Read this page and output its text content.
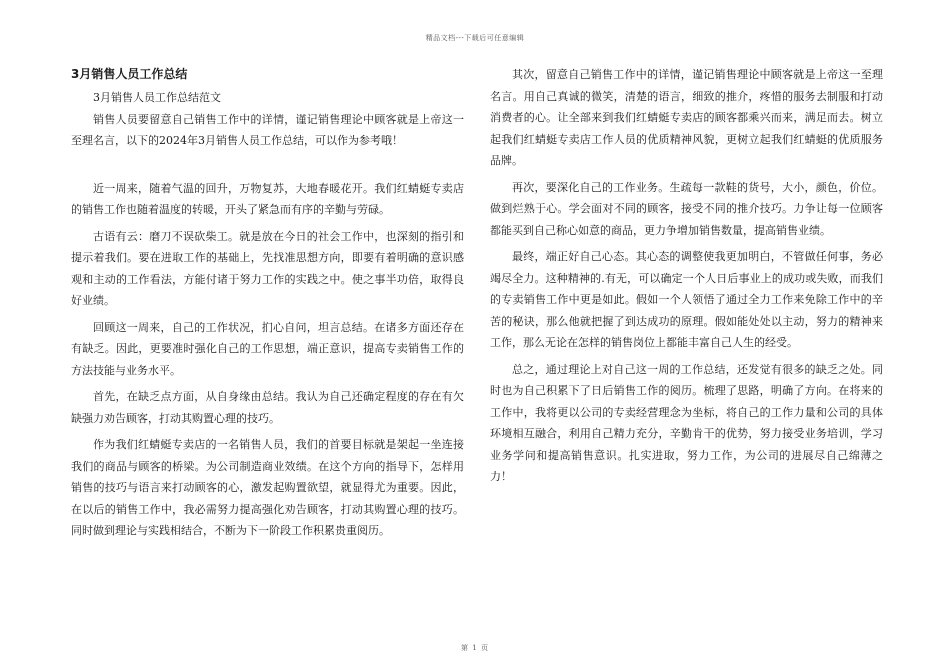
精品文档---下载后可任意编辑
3月销售人员工作总结

3月销售人员工作总结范文

销售人员要留意自己销售工作中的详情，谨记销售理论中顾客就是上帝这一至理名言，以下的2024年3月销售人员工作总结，可以作为参考哦！

近一周来，随着气温的回升，万物复苏，大地春暖花开。我们红蜻蜓专卖店的销售工作也随着温度的转暖，开头了紧急而有序的辛勤与劳碌。

古语有云：磨刀不误砍柴工。就是放在今日的社会工作中，也深刻的指引和提示着我们。要在进取工作的基础上，先找准思想方向，即要有着明确的意识感观和主动的工作看法，方能付诸于努力工作的实践之中。使之事半功倍，取得良好业绩。

回顾这一周来，自己的工作状况，扪心自问，坦言总结。在诸多方面还存在有缺乏。因此，更要准时强化自己的工作思想，端正意识，提高专卖销售工作的方法技能与业务水平。

首先，在缺乏点方面，从自身缘由总结。我认为自己还确定程度的存在有欠缺强力劝告顾客，打动其购置心理的技巧。

作为我们红蜻蜓专卖店的一名销售人员，我们的首要目标就是架起一坐连接我们的商品与顾客的桥梁。为公司制造商业效绩。在这个方向的指导下，怎样用销售的技巧与语言来打动顾客的心，激发起购置欲望，就显得尤为重要。因此，在以后的销售工作中，我必需努力提高强化劝告顾客，打动其购置心理的技巧。同时做到理论与实践相结合，不断为下一阶段工作积累贵重阅历。

其次，留意自己销售工作中的详情，谨记销售理论中顾客就是上帝这一至理名言。用自己真诚的微笑，清楚的语言，细致的推介，疼惜的服务去制服和打动消费者的心。让全部来到我们红蜻蜓专卖店的顾客都乘兴而来，满足而去。树立起我们红蜻蜓专卖店工作人员的优质精神风貌，更树立起我们红蜻蜓的优质服务品牌。

再次，要深化自己的工作业务。生疏每一款鞋的货号，大小，颜色，价位。做到烂熟于心。学会面对不同的顾客，接受不同的推介技巧。力争让每一位顾客都能买到自己称心如意的商品，更力争增加销售数量，提高销售业绩。

最终，端正好自己心态。其心态的调整使我更加明白，不管做任何事，务必竭尽全力。这种精神的.有无，可以确定一个人日后事业上的成功或失败，而我们的专卖销售工作中更是如此。假如一个人领悟了通过全力工作来免除工作中的辛苦的秘诀，那么他就把握了到达成功的原理。假如能处处以主动，努力的精神来工作，那么无论在怎样的销售岗位上都能丰富自己人生的经受。

总之，通过理论上对自己这一周的工作总结，还发觉有很多的缺乏之处。同时也为自己积累下了日后销售工作的阅历。梳理了思路，明确了方向。在将来的工作中，我将更以公司的专卖经营理念为坐标，将自己的工作力量和公司的具体环境相互融合，利用自己精力充分，辛勤肯干的优势，努力接受业务培训，学习业务学问和提高销售意识。扎实进取，努力工作，为公司的进展尽自己绵薄之力！

第 1 页
